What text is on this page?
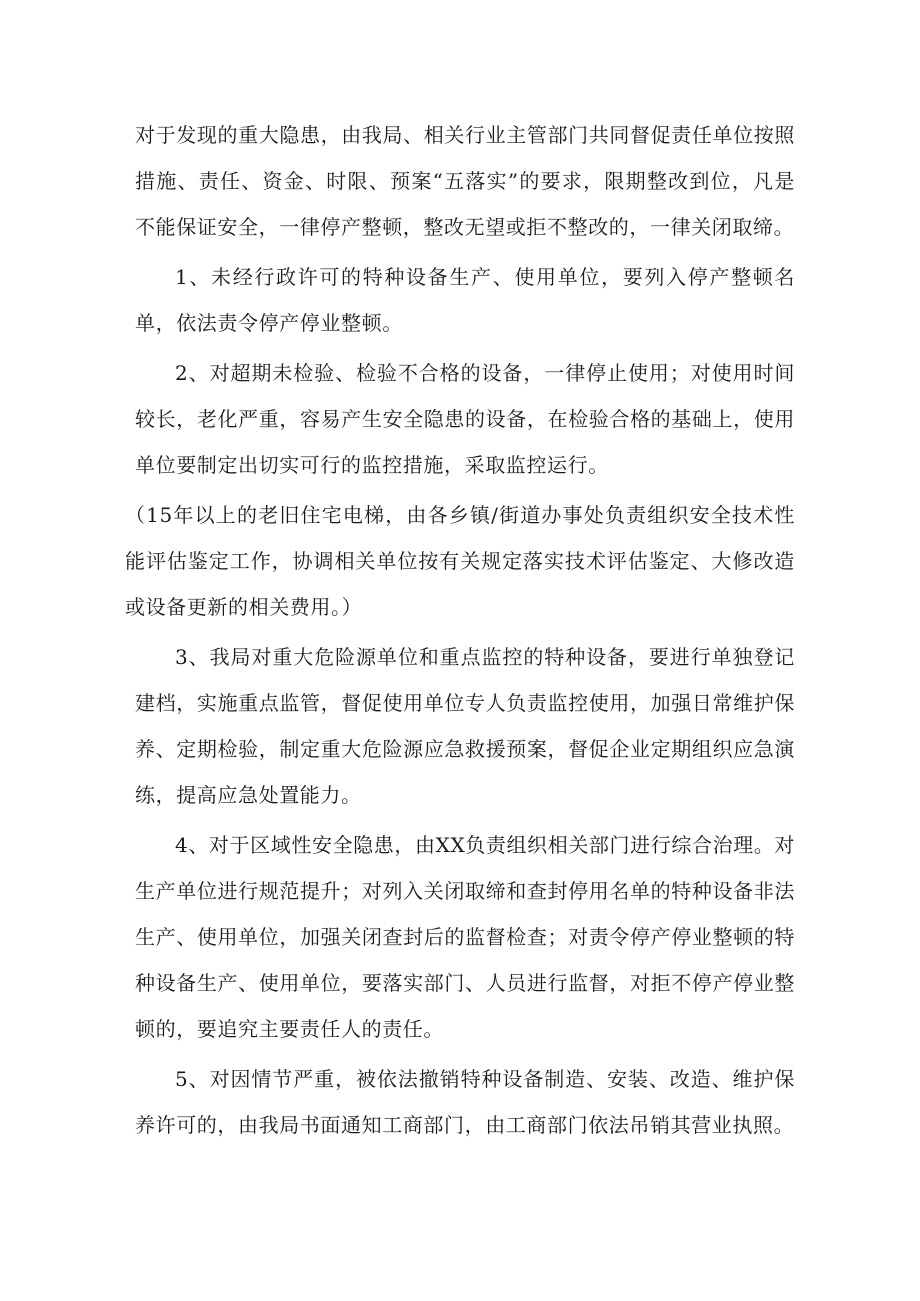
对于发现的重大隐患，由我局、相关行业主管部门共同督促责任单位按照措施、责任、资金、时限、预案“五落实”的要求，限期整改到位，凡是不能保证安全，一律停产整顿，整改无望或拒不整改的，一律关闭取缔。

1、未经行政许可的特种设备生产、使用单位，要列入停产整顿名单，依法责令停产停业整顿。

2、对超期未检验、检验不合格的设备，一律停止使用；对使用时间较长，老化严重，容易产生安全隐患的设备，在检验合格的基础上，使用单位要制定出切实可行的监控措施，采取监控运行。

（15年以上的老旧住宅电梯，由各乡镇/街道办事处负责组织安全技术性能评估鉴定工作，协调相关单位按有关规定落实技术评估鉴定、大修改造或设备更新的相关费用。）

3、我局对重大危险源单位和重点监控的特种设备，要进行单独登记建档，实施重点监管，督促使用单位专人负责监控使用，加强日常维护保养、定期检验，制定重大危险源应急救援预案，督促企业定期组织应急演练，提高应急处置能力。

4、对于区域性安全隐患，由XX负责组织相关部门进行综合治理。对生产单位进行规范提升；对列入关闭取缔和查封停用名单的特种设备非法生产、使用单位，加强关闭查封后的监督检查；对责令停产停业整顿的特种设备生产、使用单位，要落实部门、人员进行监督，对拒不停产停业整顿的，要追究主要责任人的责任。

5、对因情节严重，被依法撤销特种设备制造、安装、改造、维护保养许可的，由我局书面通知工商部门，由工商部门依法吊销其营业执照。
